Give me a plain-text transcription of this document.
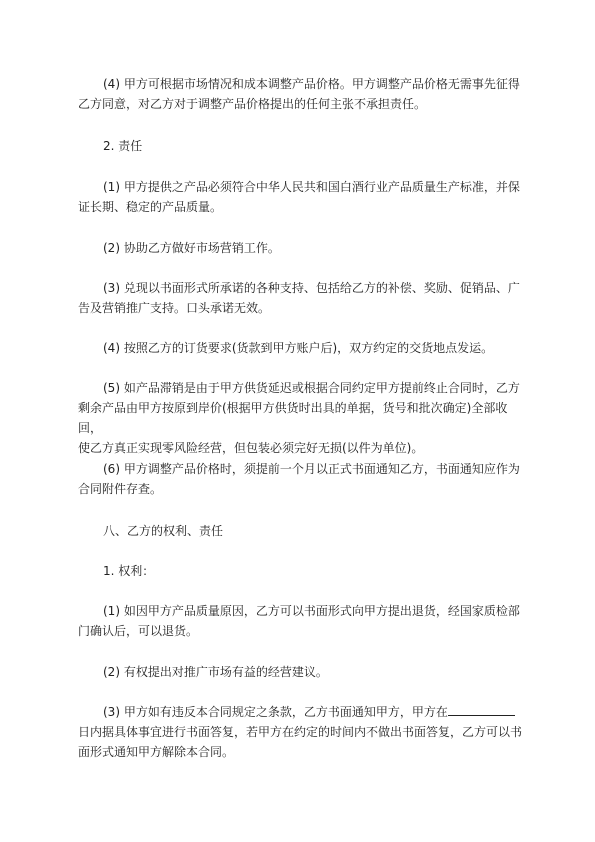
(4) 甲方可根据市场情况和成本调整产品价格。甲方调整产品价格无需事先征得
乙方同意，对乙方对于调整产品价格提出的任何主张不承担责任。

2. 责任

(1) 甲方提供之产品必须符合中华人民共和国白酒行业产品质量生产标准，并保
证长期、稳定的产品质量。

(2) 协助乙方做好市场营销工作。

(3) 兑现以书面形式所承诺的各种支持、包括给乙方的补偿、奖励、促销品、广
告及营销推广支持。口头承诺无效。

(4) 按照乙方的订货要求(货款到甲方账户后)，双方约定的交货地点发运。

(5) 如产品滞销是由于甲方供货延迟或根据合同约定甲方提前终止合同时，乙方
剩余产品由甲方按原到岸价(根据甲方供货时出具的单据，货号和批次确定)全部收回，
使乙方真正实现零风险经营，但包装必须完好无损(以件为单位)。

(6) 甲方调整产品价格时，须提前一个月以正式书面通知乙方，书面通知应作为
合同附件存查。

八、乙方的权利、责任

1. 权利：

(1) 如因甲方产品质量原因，乙方可以书面形式向甲方提出退货，经国家质检部
门确认后，可以退货。

(2) 有权提出对推广市场有益的经营建议。

(3) 甲方如有违反本合同规定之条款，乙方书面通知甲方，甲方在
日内据具体事宜进行书面答复，若甲方在约定的时间内不做出书面答复，乙方可以书
面形式通知甲方解除本合同。
